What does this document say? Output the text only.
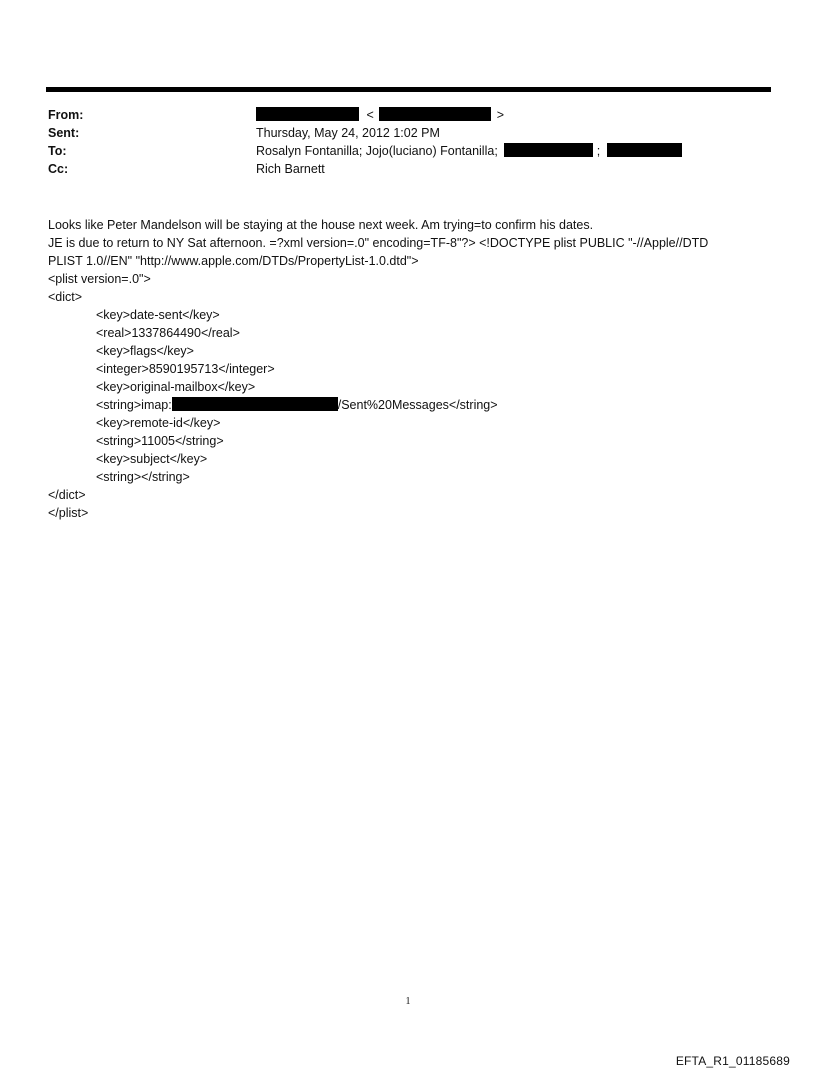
From:	<	>
Sent:	Thursday, May 24, 2012 1:02 PM
To:	Rosalyn Fontanilla; Jojo(luciano) Fontanilla;	;
Cc:	Rich Barnett

Looks like Peter Mandelson will be staying at the house next week. Am trying=to confirm his dates.

JE is due to return to NY Sat afternoon. =?xml version=.0" encoding=TF-8"?> <!DOCTYPE plist PUBLIC "-//Apple//DTD

PLIST 1.0//EN" "http://www.apple.com/DTDs/PropertyList-1.0.dtd">

<plist version=.0">

<dict>

<key>date-sent</key>

<real>1337864490</real>

<key>flags</key>

<integer>8590195713</integer>

<key>original-mailbox</key>

<string>imap:	/Sent%20Messages</string>

<key>remote-id</key>

<string>11005</string>

<key>subject</key>

<string></string>

</dict>

</plist>

1
EFTA_R1_01185689
